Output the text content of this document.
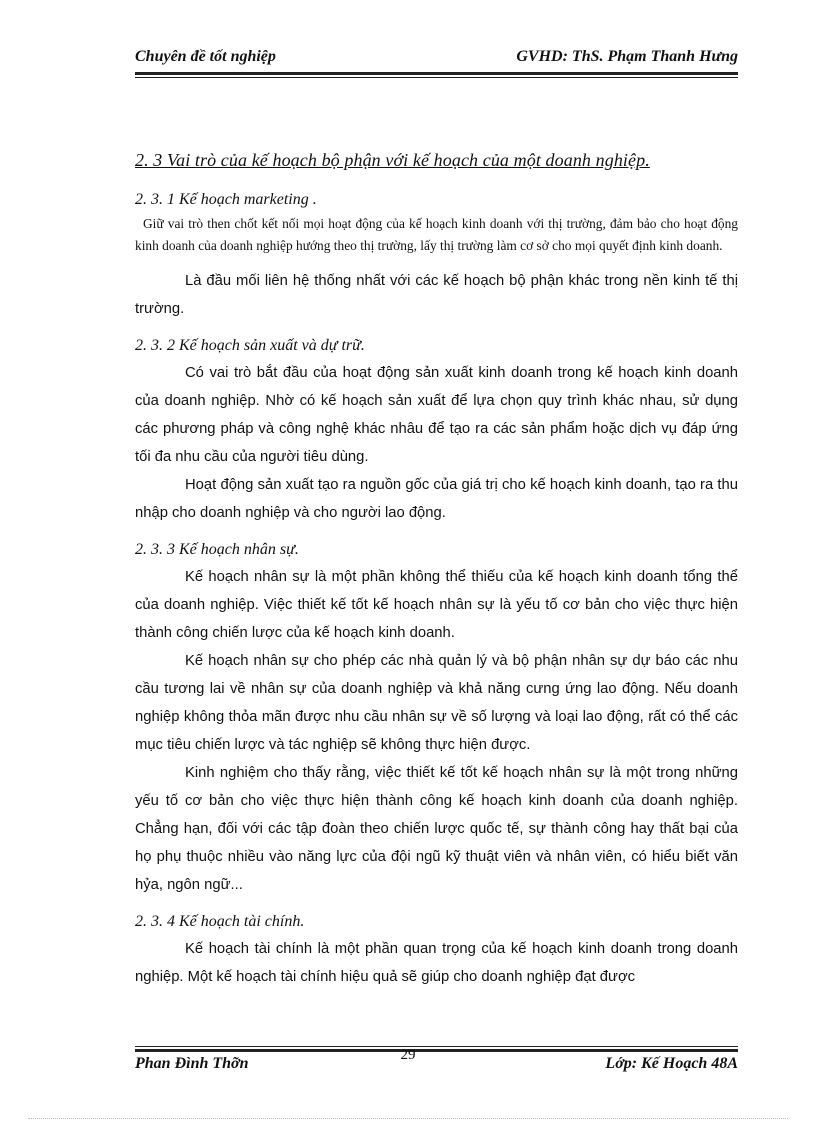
Chuyên đề tốt nghiệp	GVHD: ThS. Phạm Thanh Hưng
2. 3 Vai trò của kế hoạch bộ phận với kế hoạch của một doanh nghiệp.
2. 3. 1 Kế hoạch marketing .

Giữ vai trò then chốt kết nối mọi hoạt động của kế hoạch kinh doanh với thị trường, đảm bảo cho hoạt động kinh doanh của doanh nghiệp hướng theo thị trường, lấy thị trường làm cơ sở cho mọi quyết định kinh doanh.

Là đầu mối liên hệ thống nhất với các kế hoạch bộ phận khác trong nền kinh tế thị trường.

2. 3. 2 Kế hoạch sản xuất và dự trữ.

Có vai trò bắt đầu của hoạt động sản xuất kinh doanh trong kế hoạch kinh doanh của doanh nghiệp. Nhờ có kế hoạch sản xuất để lựa chọn quy trình khác nhau, sử dụng các phương pháp và công nghệ khác nhâu để tạo ra các sản phẩm hoặc dịch vụ đáp ứng tối đa nhu cầu của người tiêu dùng.

Hoạt động sản xuất tạo ra nguồn gốc của giá trị cho kế hoạch kinh doanh, tạo ra thu nhập cho doanh nghiệp và cho người lao động.

2. 3. 3 Kế hoạch nhân sự.

Kế hoạch nhân sự là một phần không thể thiếu của kế hoạch kinh doanh tổng thể của doanh nghiệp. Việc thiết kế tốt kế hoạch nhân sự là yếu tố cơ bản cho việc thực hiện thành công chiến lược của kế hoạch kinh doanh.

Kế hoạch nhân sự cho phép các nhà quản lý và bộ phận nhân sự dự báo các nhu cầu tương lai về nhân sự của doanh nghiệp và khả năng cưng ứng lao động. Nếu doanh nghiệp không thỏa mãn được nhu cầu nhân sự về số lượng và loại lao động, rất có thể các mục tiêu chiến lược và tác nghiệp sẽ không thực hiện được.

Kinh nghiệm cho thấy rằng, việc thiết kế tốt kế hoạch nhân sự là một trong những yếu tố cơ bản cho việc thực hiện thành công kế hoạch kinh doanh của doanh nghiệp. Chẳng hạn, đối với các tập đoàn theo chiến lược quốc tế, sự thành công hay thất bại của họ phụ thuộc nhiều vào năng lực của đội ngũ kỹ thuật viên và nhân viên, có hiểu biết văn hỷa, ngôn ngữ...

2. 3. 4 Kế hoạch tài chính.

Kế hoạch tài chính là một phần quan trọng của kế hoạch kinh doanh trong doanh nghiệp. Một kế hoạch tài chính hiệu quả sẽ giúp cho doanh nghiệp đạt được

29
Phan Đình Thỡn	Lớp: Kế Hoạch 48A
